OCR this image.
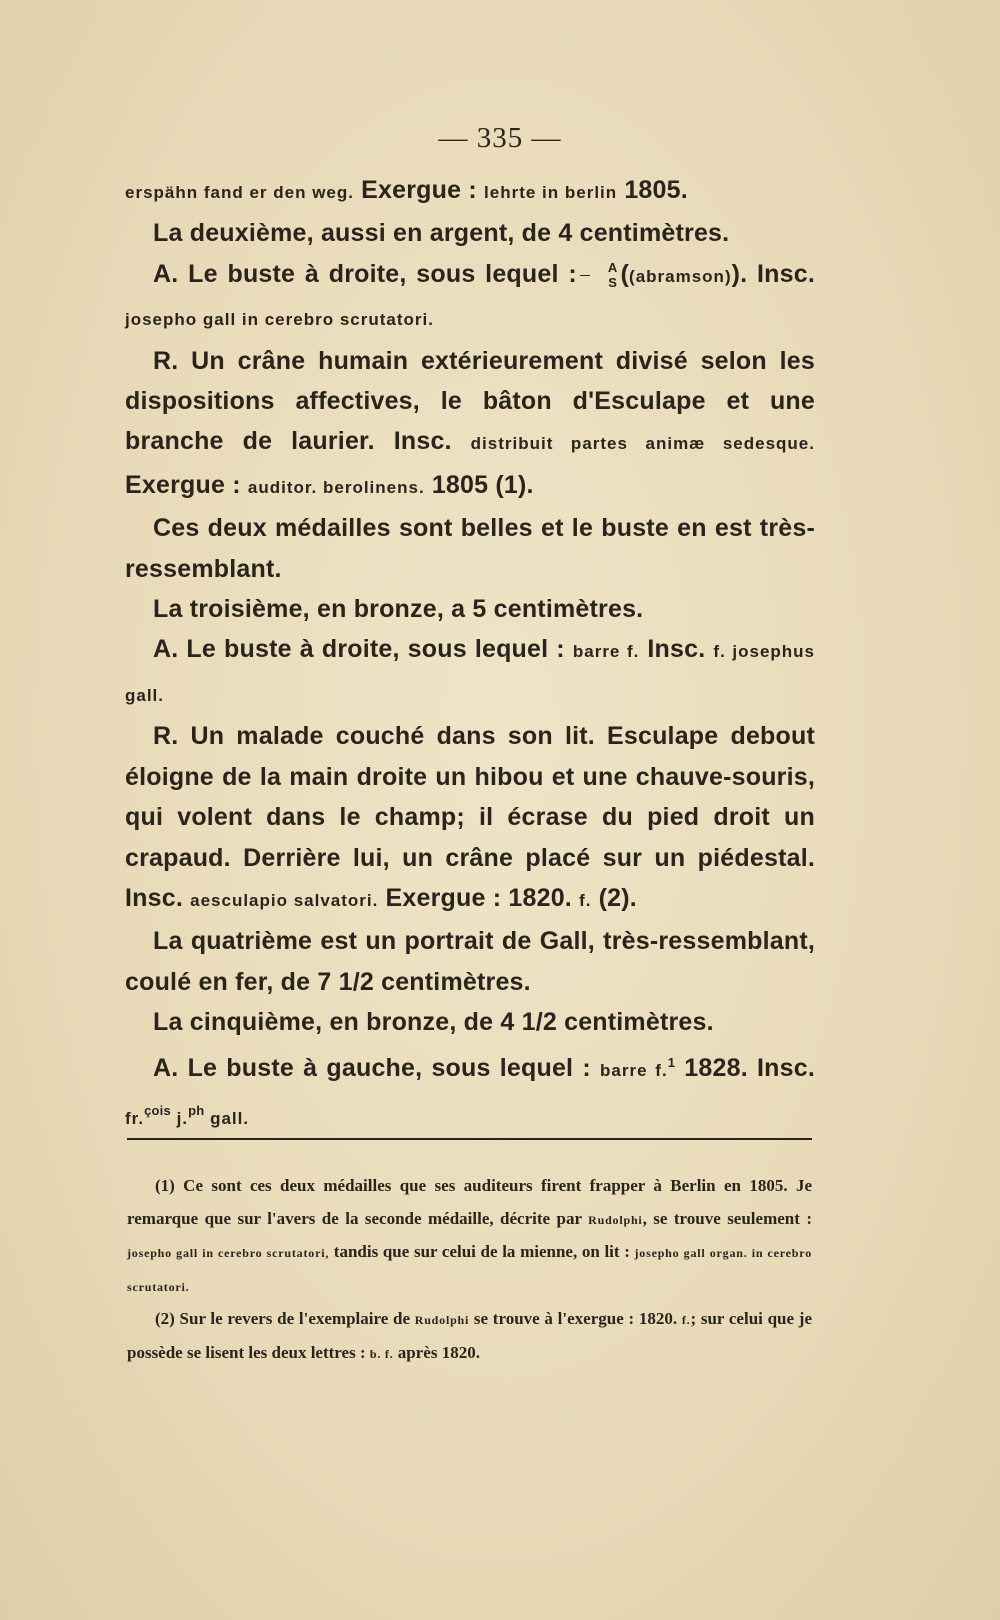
— 335 —

erspähn fand er den weg. Exergue : lehrte in berlin 1805.

La deuxième, aussi en argent, de 4 centimètres.

A. Le buste à droite, sous lequel : $\frac{A}{S}$ ((abramson)). Insc. josepho gall in cerebro scrutatori.

R. Un crâne humain extérieurement divisé selon les dispositions affectives, le bâton d'Esculape et une branche de laurier. Insc. distribuit partes animæ sedesque. Exergue : auditor. berolinens. 1805 (1).

Ces deux médailles sont belles et le buste en est très-ressemblant.

La troisième, en bronze, a 5 centimètres.

A. Le buste à droite, sous lequel : barre f. Insc. f. josephus gall.

R. Un malade couché dans son lit. Esculape debout éloigne de la main droite un hibou et une chauve-souris, qui volent dans le champ; il écrase du pied droit un crapaud. Derrière lui, un crâne placé sur un piédestal. Insc. aesculapio salvatori. Exergue : 1820. f. (2).

La quatrième est un portrait de Gall, très-ressemblant, coulé en fer, de 7 1/2 centimètres.

La cinquième, en bronze, de 4 1/2 centimètres.

A. Le buste à gauche, sous lequel : barre f.$^1$ 1828. Insc. fr.$^{çois}$ j.$^{ph}$ gall.

(1) Ce sont ces deux médailles que ses auditeurs firent frapper à Berlin en 1805. Je remarque que sur l'avers de la seconde médaille, décrite par Rudolphi, se trouve seulement : josepho gall in cerebro scrutatori, tandis que sur celui de la mienne, on lit : josepho gall organ. in cerebro scrutatori.

(2) Sur le revers de l'exemplaire de Rudolphi se trouve à l'exergue : 1820. f.; sur celui que je possède se lisent les deux lettres : b. f. après 1820.
